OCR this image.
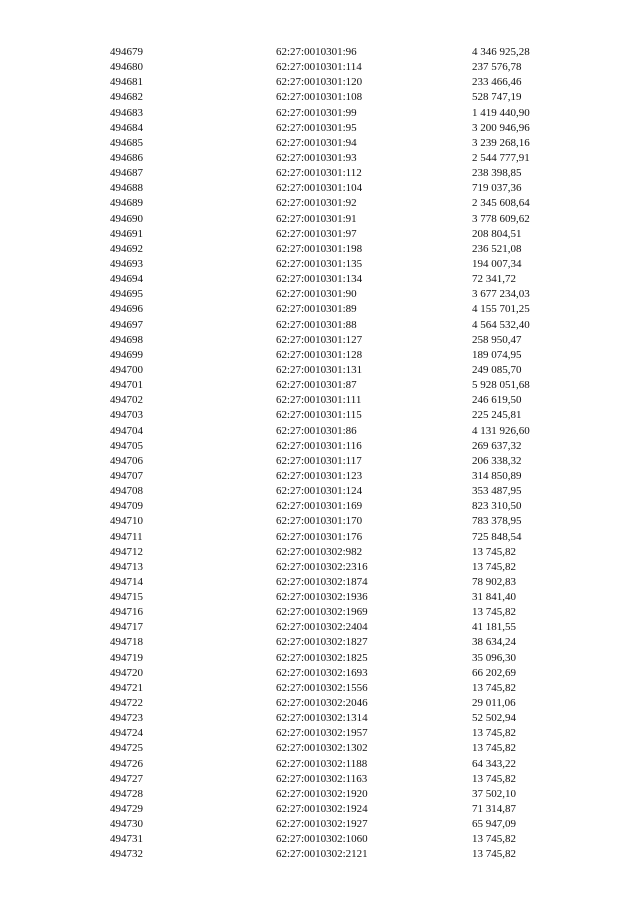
494679	62:27:0010301:96	4 346 925,28
494680	62:27:0010301:114	237 576,78
494681	62:27:0010301:120	233 466,46
494682	62:27:0010301:108	528 747,19
494683	62:27:0010301:99	1 419 440,90
494684	62:27:0010301:95	3 200 946,96
494685	62:27:0010301:94	3 239 268,16
494686	62:27:0010301:93	2 544 777,91
494687	62:27:0010301:112	238 398,85
494688	62:27:0010301:104	719 037,36
494689	62:27:0010301:92	2 345 608,64
494690	62:27:0010301:91	3 778 609,62
494691	62:27:0010301:97	208 804,51
494692	62:27:0010301:198	236 521,08
494693	62:27:0010301:135	194 007,34
494694	62:27:0010301:134	72 341,72
494695	62:27:0010301:90	3 677 234,03
494696	62:27:0010301:89	4 155 701,25
494697	62:27:0010301:88	4 564 532,40
494698	62:27:0010301:127	258 950,47
494699	62:27:0010301:128	189 074,95
494700	62:27:0010301:131	249 085,70
494701	62:27:0010301:87	5 928 051,68
494702	62:27:0010301:111	246 619,50
494703	62:27:0010301:115	225 245,81
494704	62:27:0010301:86	4 131 926,60
494705	62:27:0010301:116	269 637,32
494706	62:27:0010301:117	206 338,32
494707	62:27:0010301:123	314 850,89
494708	62:27:0010301:124	353 487,95
494709	62:27:0010301:169	823 310,50
494710	62:27:0010301:170	783 378,95
494711	62:27:0010301:176	725 848,54
494712	62:27:0010302:982	13 745,82
494713	62:27:0010302:2316	13 745,82
494714	62:27:0010302:1874	78 902,83
494715	62:27:0010302:1936	31 841,40
494716	62:27:0010302:1969	13 745,82
494717	62:27:0010302:2404	41 181,55
494718	62:27:0010302:1827	38 634,24
494719	62:27:0010302:1825	35 096,30
494720	62:27:0010302:1693	66 202,69
494721	62:27:0010302:1556	13 745,82
494722	62:27:0010302:2046	29 011,06
494723	62:27:0010302:1314	52 502,94
494724	62:27:0010302:1957	13 745,82
494725	62:27:0010302:1302	13 745,82
494726	62:27:0010302:1188	64 343,22
494727	62:27:0010302:1163	13 745,82
494728	62:27:0010302:1920	37 502,10
494729	62:27:0010302:1924	71 314,87
494730	62:27:0010302:1927	65 947,09
494731	62:27:0010302:1060	13 745,82
494732	62:27:0010302:2121	13 745,82
